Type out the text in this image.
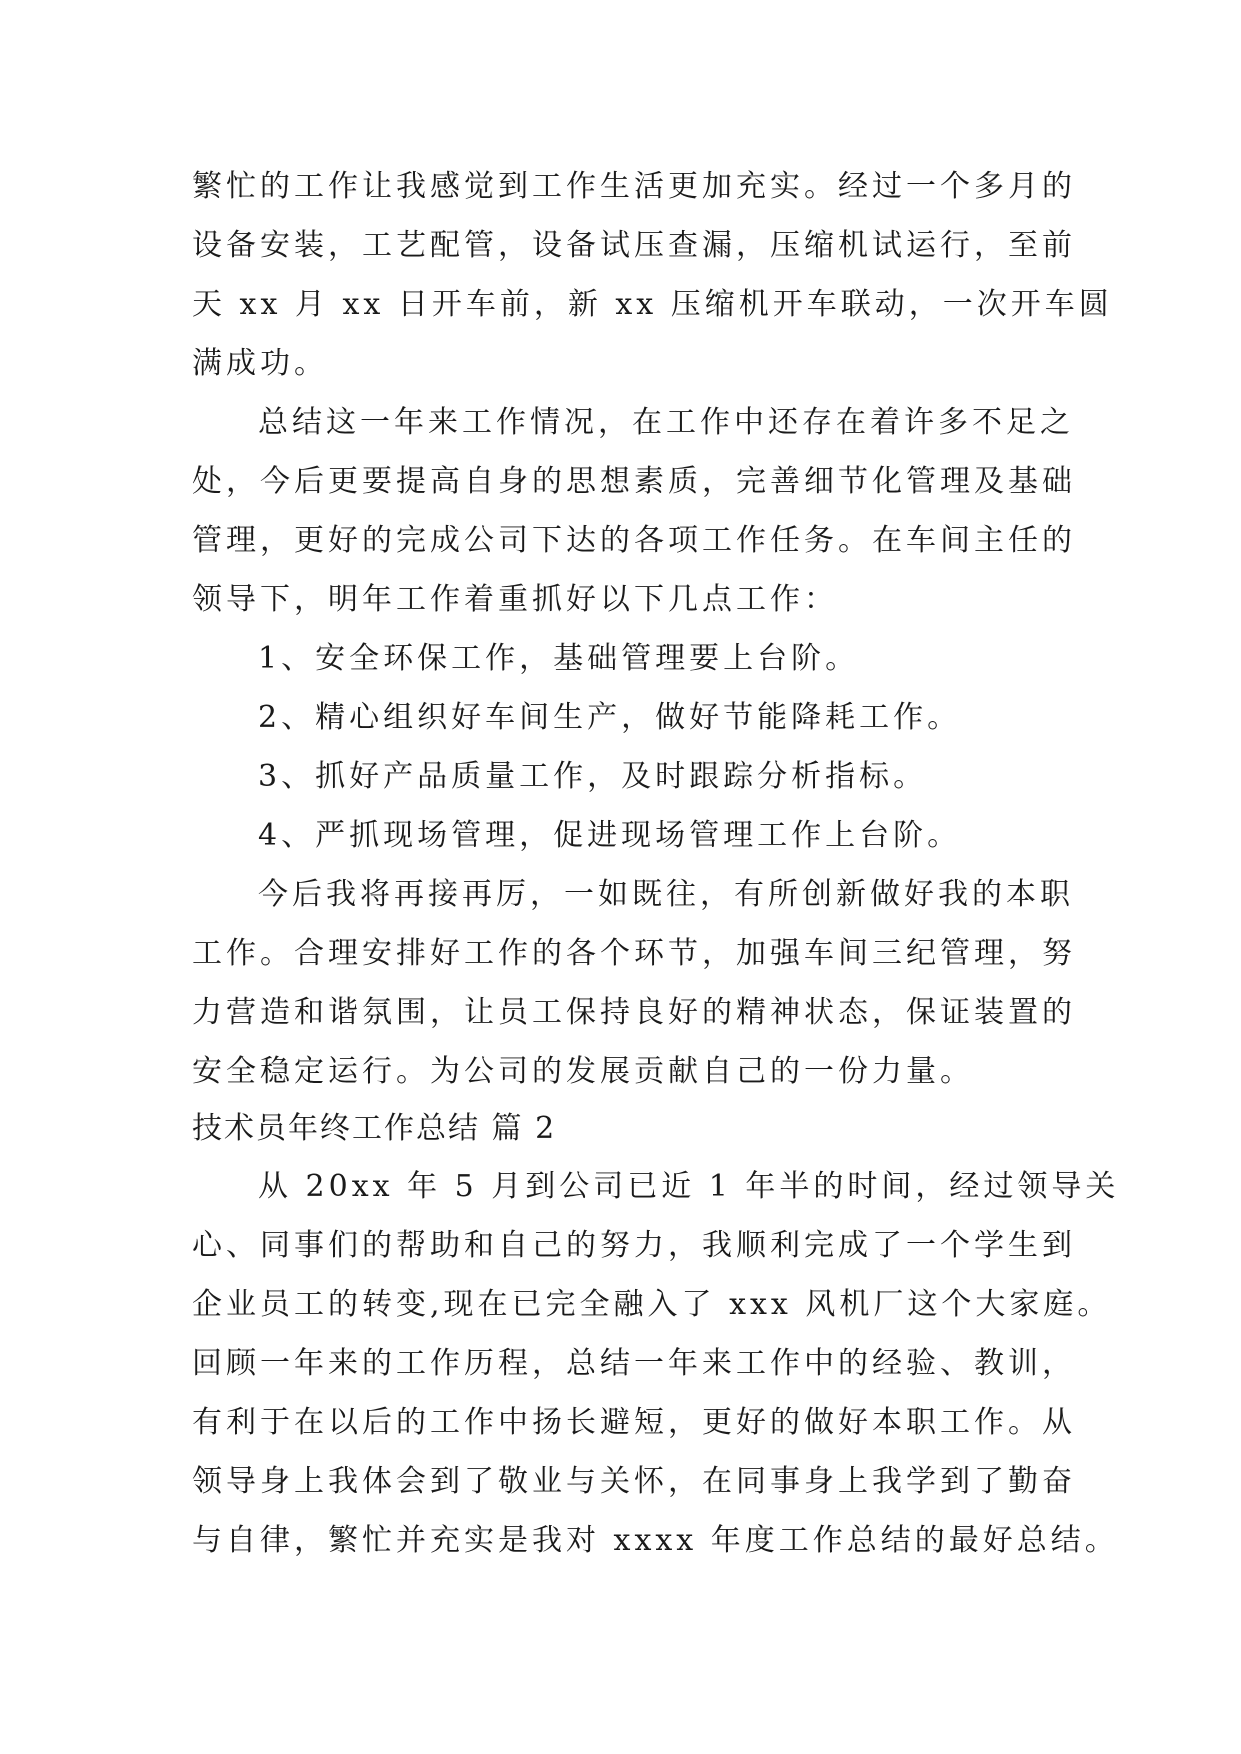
繁忙的工作让我感觉到工作生活更加充实。经过一个多月的
设备安装，工艺配管，设备试压查漏，压缩机试运行，至前
天 xx 月 xx 日开车前，新 xx 压缩机开车联动，一次开车圆
满成功。
总结这一年来工作情况，在工作中还存在着许多不足之
处，今后更要提高自身的思想素质，完善细节化管理及基础
管理，更好的完成公司下达的各项工作任务。在车间主任的
领导下，明年工作着重抓好以下几点工作：
1、安全环保工作，基础管理要上台阶。
2、精心组织好车间生产，做好节能降耗工作。
3、抓好产品质量工作，及时跟踪分析指标。
4、严抓现场管理，促进现场管理工作上台阶。
今后我将再接再厉，一如既往，有所创新做好我的本职
工作。合理安排好工作的各个环节，加强车间三纪管理，努
力营造和谐氛围，让员工保持良好的精神状态，保证装置的
安全稳定运行。为公司的发展贡献自己的一份力量。
技术员年终工作总结 篇 2
从 20xx 年 5 月到公司已近 1 年半的时间，经过领导关
心、同事们的帮助和自己的努力，我顺利完成了一个学生到
企业员工的转变,现在已完全融入了 xxx 风机厂这个大家庭。
回顾一年来的工作历程，总结一年来工作中的经验、教训，
有利于在以后的工作中扬长避短，更好的做好本职工作。从
领导身上我体会到了敬业与关怀，在同事身上我学到了勤奋
与自律，繁忙并充实是我对 xxxx 年度工作总结的最好总结。
